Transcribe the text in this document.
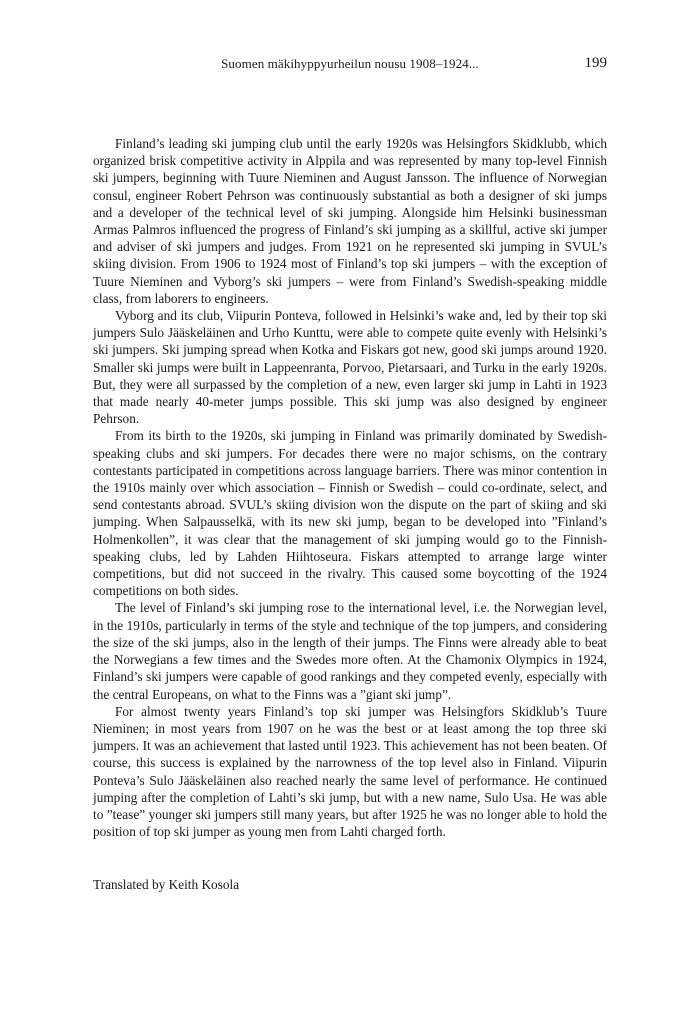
Suomen mäkihyppyurheilun nousu 1908–1924...	199

Finland’s leading ski jumping club until the early 1920s was Helsingfors Skidklubb, which organized brisk competitive activity in Alppila and was represented by many top-level Finnish ski jumpers, beginning with Tuure Nieminen and August Jansson. The influence of Norwegian consul, engineer Robert Pehrson was continuously substantial as both a designer of ski jumps and a developer of the technical level of ski jumping. Alongside him Helsinki businessman Armas Palmros influenced the progress of Finland’s ski jumping as a skillful, active ski jumper and adviser of ski jumpers and judges. From 1921 on he represented ski jumping in SVUL’s skiing division. From 1906 to 1924 most of Finland’s top ski jumpers – with the exception of Tuure Nieminen and Vyborg’s ski jumpers – were from Finland’s Swedish-speaking middle class, from laborers to engineers.

Vyborg and its club, Viipurin Ponteva, followed in Helsinki’s wake and, led by their top ski jumpers Sulo Jääskeläinen and Urho Kunttu, were able to compete quite evenly with Helsinki’s ski jumpers. Ski jumping spread when Kotka and Fiskars got new, good ski jumps around 1920. Smaller ski jumps were built in Lappeenranta, Porvoo, Pietarsaari, and Turku in the early 1920s. But, they were all surpassed by the completion of a new, even larger ski jump in Lahti in 1923 that made nearly 40-meter jumps possible. This ski jump was also designed by engineer Pehrson.

From its birth to the 1920s, ski jumping in Finland was primarily dominated by Swedish-speaking clubs and ski jumpers. For decades there were no major schisms, on the contrary contestants participated in competitions across language barriers. There was minor contention in the 1910s mainly over which association – Finnish or Swedish – could co-ordinate, select, and send contestants abroad. SVUL’s skiing division won the dispute on the part of skiing and ski jumping. When Salpausselkä, with its new ski jump, began to be developed into ”Finland’s Holmenkollen”, it was clear that the management of ski jumping would go to the Finnish-speaking clubs, led by Lahden Hiihtoseura. Fiskars attempted to arrange large winter competitions, but did not succeed in the rivalry. This caused some boycotting of the 1924 competitions on both sides.

The level of Finland’s ski jumping rose to the international level, i.e. the Norwegian level, in the 1910s, particularly in terms of the style and technique of the top jumpers, and considering the size of the ski jumps, also in the length of their jumps. The Finns were already able to beat the Norwegians a few times and the Swedes more often. At the Chamonix Olympics in 1924, Finland’s ski jumpers were capable of good rankings and they competed evenly, especially with the central Europeans, on what to the Finns was a ”giant ski jump”.

For almost twenty years Finland’s top ski jumper was Helsingfors Skidklub’s Tuure Nieminen; in most years from 1907 on he was the best or at least among the top three ski jumpers. It was an achievement that lasted until 1923. This achievement has not been beaten. Of course, this success is explained by the narrowness of the top level also in Finland. Viipurin Ponteva’s Sulo Jääskeläinen also reached nearly the same level of performance. He continued jumping after the completion of Lahti’s ski jump, but with a new name, Sulo Usa. He was able to ”tease” younger ski jumpers still many years, but after 1925 he was no longer able to hold the position of top ski jumper as young men from Lahti charged forth.

Translated by Keith Kosola
